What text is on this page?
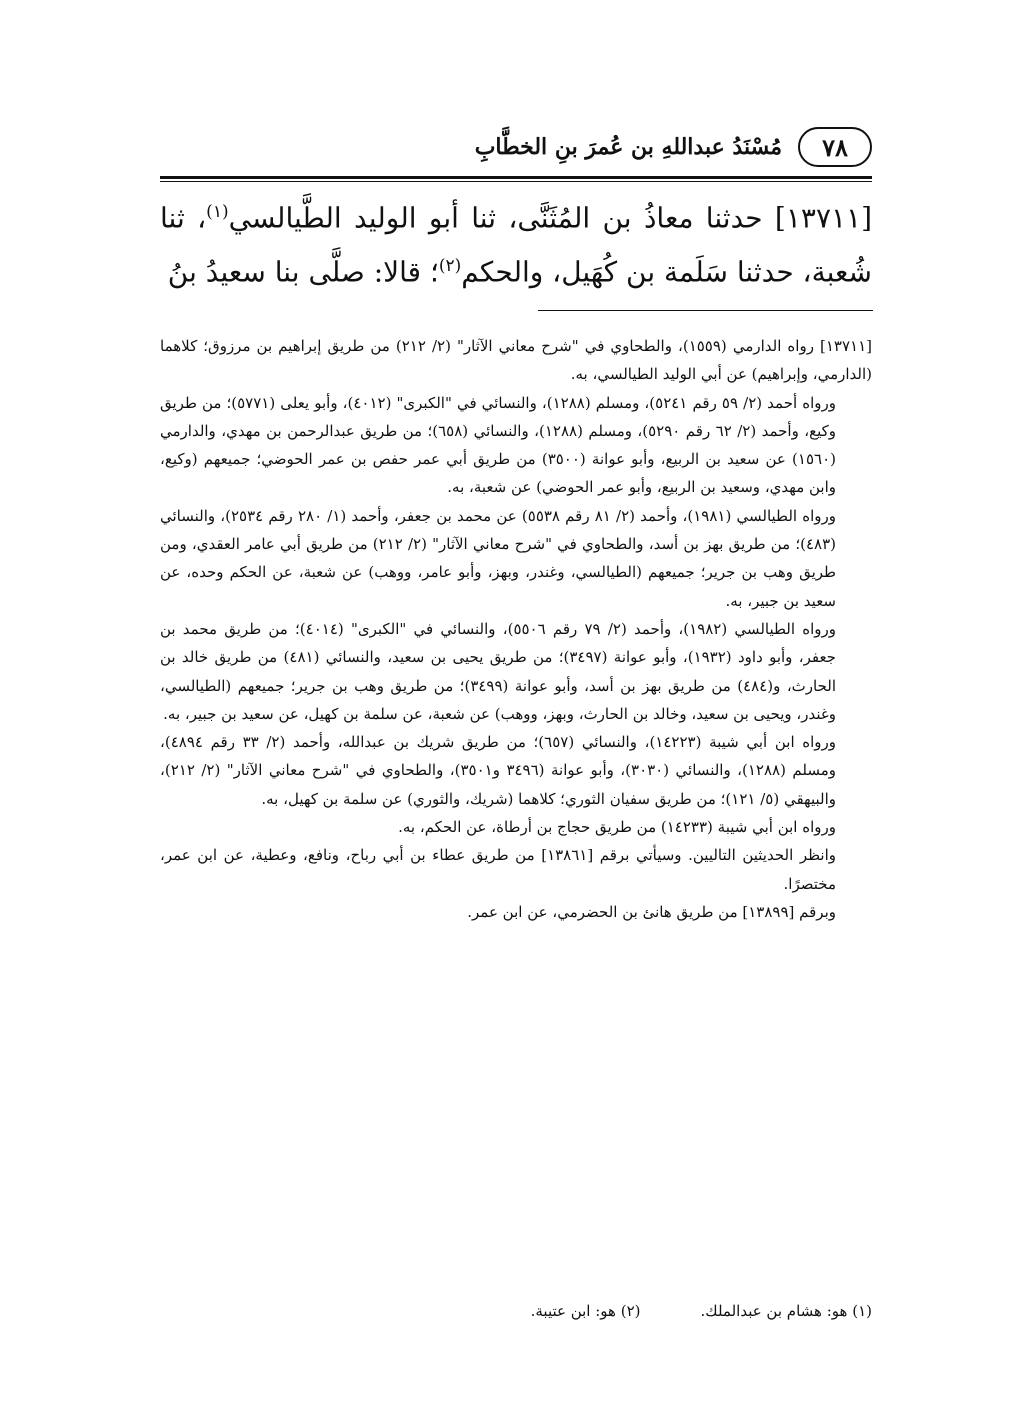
٧٨
مُسْنَدُ عبداللهِ بن عُمرَ بنِ الخطَّابِ

[١٣٧١١] حدثنا معاذُ بن المُثَنَّى، ثنا أبو الوليد الطَّيالسي$^{(١)}$، ثنا شُعبة، حدثنا سَلَمة بن كُهَيل، والحكم$^{(٢)}$؛ قالا: صلَّى بنا سعيدُ بنُ

[١٣٧١١] رواه الدارمي (١٥٥٩)، والطحاوي في "شرح معاني الآثار" (٢/ ٢١٢) من طريق إبراهيم بن مرزوق؛ كلاهما (الدارمي، وإبراهيم) عن أبي الوليد الطيالسي، به.

ورواه أحمد (٢/ ٥٩ رقم ٥٢٤١)، ومسلم (١٢٨٨)، والنسائي في "الكبرى" (٤٠١٢)، وأبو يعلى (٥٧٧١)؛ من طريق وكيع، وأحمد (٢/ ٦٢ رقم ٥٢٩٠)، ومسلم (١٢٨٨)، والنسائي (٦٥٨)؛ من طريق عبدالرحمن بن مهدي، والدارمي (١٥٦٠) عن سعيد بن الربيع، وأبو عوانة (٣٥٠٠) من طريق أبي عمر حفص بن عمر الحوضي؛ جميعهم (وكيع، وابن مهدي، وسعيد بن الربيع، وأبو عمر الحوضي) عن شعبة، به.

ورواه الطيالسي (١٩٨١)، وأحمد (٢/ ٨١ رقم ٥٥٣٨) عن محمد بن جعفر، وأحمد (١/ ٢٨٠ رقم ٢٥٣٤)، والنسائي (٤٨٣)؛ من طريق بهز بن أسد، والطحاوي في "شرح معاني الآثار" (٢/ ٢١٢) من طريق أبي عامر العقدي، ومن طريق وهب بن جرير؛ جميعهم (الطيالسي، وغندر، وبهز، وأبو عامر، ووهب) عن شعبة، عن الحكم وحده، عن سعيد بن جبير، به.

ورواه الطيالسي (١٩٨٢)، وأحمد (٢/ ٧٩ رقم ٥٥٠٦)، والنسائي في "الكبرى" (٤٠١٤)؛ من طريق محمد بن جعفر، وأبو داود (١٩٣٢)، وأبو عوانة (٣٤٩٧)؛ من طريق يحيى بن سعيد، والنسائي (٤٨١) من طريق خالد بن الحارث، و(٤٨٤) من طريق بهز بن أسد، وأبو عوانة (٣٤٩٩)؛ من طريق وهب بن جرير؛ جميعهم (الطيالسي، وغندر، ويحيى بن سعيد، وخالد بن الحارث، وبهز، ووهب) عن شعبة، عن سلمة بن كهيل، عن سعيد بن جبير، به.

ورواه ابن أبي شيبة (١٤٢٢٣)، والنسائي (٦٥٧)؛ من طريق شريك بن عبدالله، وأحمد (٢/ ٣٣ رقم ٤٨٩٤)، ومسلم (١٢٨٨)، والنسائي (٣٠٣٠)، وأبو عوانة (٣٤٩٦ و٣٥٠١)، والطحاوي في "شرح معاني الآثار" (٢/ ٢١٢)، والبيهقي (٥/ ١٢١)؛ من طريق سفيان الثوري؛ كلاهما (شريك، والثوري) عن سلمة بن كهيل، به.

ورواه ابن أبي شيبة (١٤٢٣٣) من طريق حجاج بن أرطاة، عن الحكم، به.

وانظر الحديثين التاليين. وسيأتي برقم [١٣٨٦١] من طريق عطاء بن أبي رباح، ونافع، وعطية، عن ابن عمر، مختصرًا.

وبرقم [١٣٨٩٩] من طريق هانئ بن الحضرمي، عن ابن عمر.

(١) هو: هشام بن عبدالملك.
(٢) هو: ابن عتيبة.
